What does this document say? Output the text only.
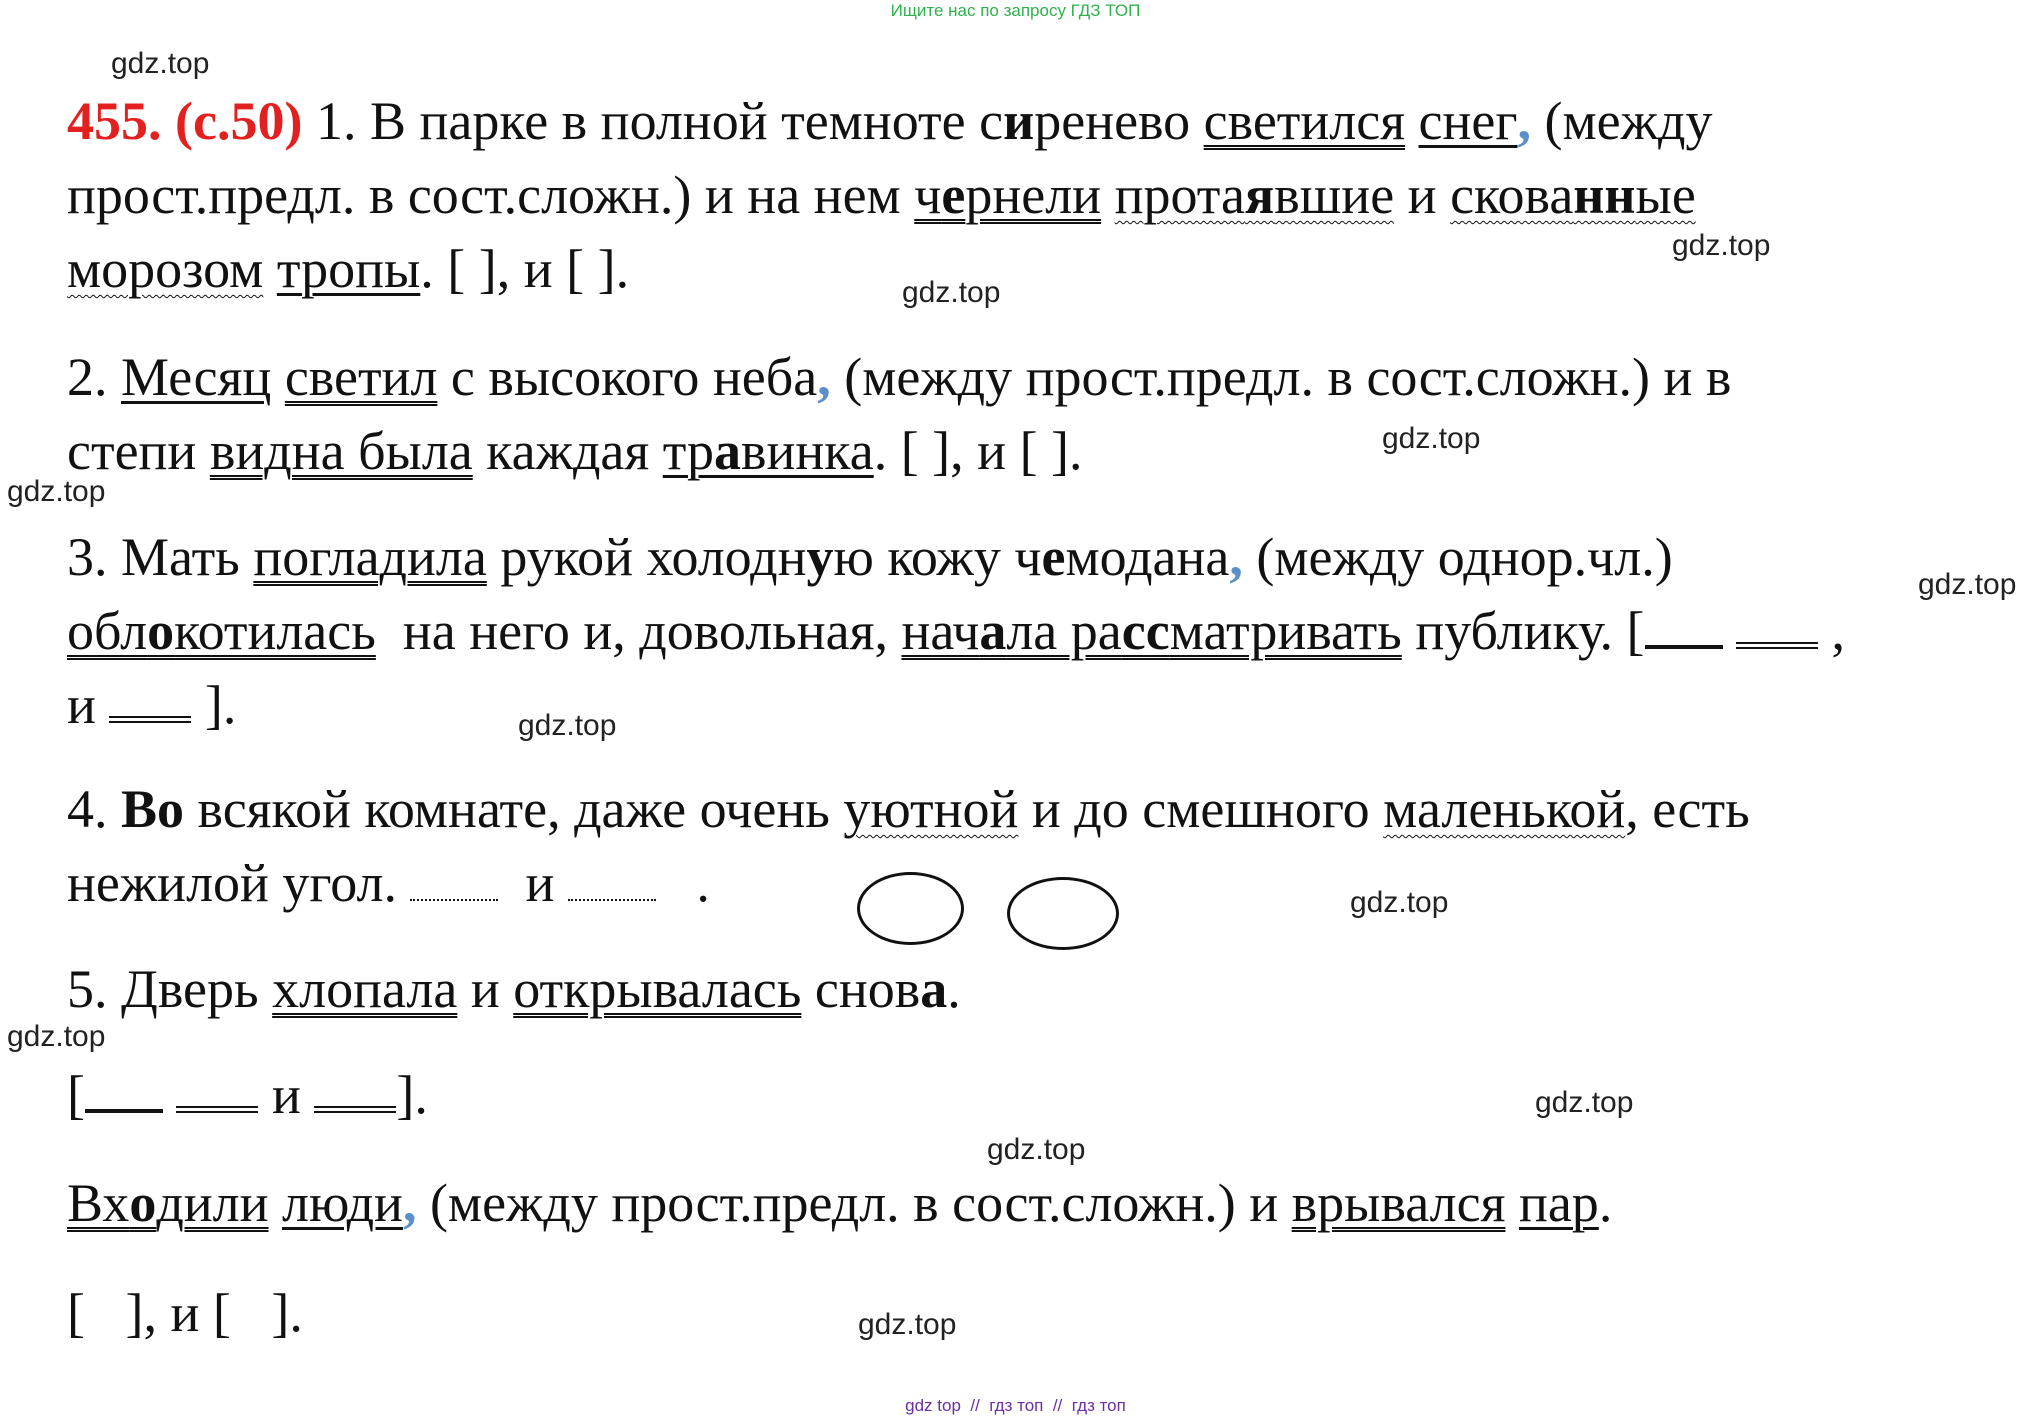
Ищите нас по запросу ГДЗ ТОП
gdz.top
gdz.top
gdz.top
gdz.top
gdz.top
gdz.top
gdz.top
gdz.top
gdz.top
gdz.top
gdz.top
gdz.top
455. (с.50) 1. В парке в полной темноте сиренево светился снег, (между
прост.предл. в сост.сложн.) и на нем чернели протаявшие и скованные
морозом тропы. [ ], и [ ].
2. Месяц светил с высокого неба, (между прост.предл. в сост.сложн.) и в
степи видна была каждая травинка. [ ], и [ ].
3. Мать погладила рукой холодную кожу чемодана, (между однор.чл.)
облокотилась на него и, довольная, начала рассматривать публику. [	,
и ].
4. Во всякой комнате, даже очень уютной и до смешного маленькой, есть
нежилой угол. и	.
5. Дверь хлопала и открывалась снова.
[	и ].
Входили люди, (между прост.предл. в сост.сложн.) и врывался пар.
[   ], и [   ].
gdz top  //  гдз топ  //  гдз топ
